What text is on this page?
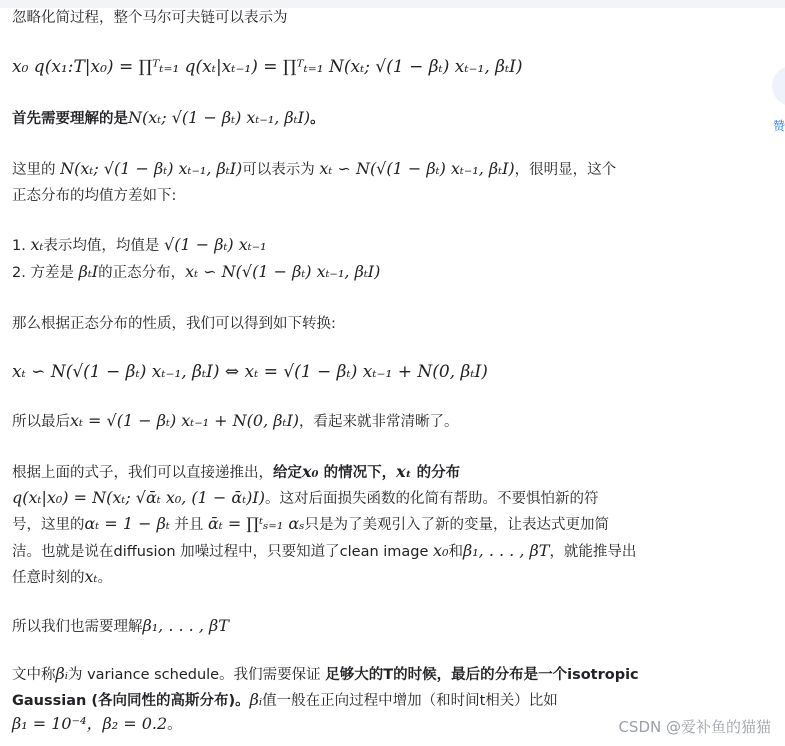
忽略化简过程，整个马尔可夫链可以表示为
x₀ q(x₁:T|x₀) = ∏ᵀₜ₌₁ q(xₜ|xₜ₋₁) = ∏ᵀₜ₌₁ N(xₜ; √(1 − βₜ) xₜ₋₁, βₜI)
首先需要理解的是N(xₜ; √(1 − βₜ) xₜ₋₁, βₜI)。
这里的 N(xₜ; √(1 − βₜ) xₜ₋₁, βₜI)可以表示为 xₜ ∽ N(√(1 − βₜ) xₜ₋₁, βₜI)，很明显，这个
正态分布的均值方差如下:
1. xₜ表示均值，均值是 √(1 − βₜ) xₜ₋₁
2. 方差是 βₜI的正态分布，xₜ ∽ N(√(1 − βₜ) xₜ₋₁, βₜI)
那么根据正态分布的性质，我们可以得到如下转换:
xₜ ∽ N(√(1 − βₜ) xₜ₋₁, βₜI) ⇔ xₜ = √(1 − βₜ) xₜ₋₁ + N(0, βₜI)
所以最后xₜ = √(1 − βₜ) xₜ₋₁ + N(0, βₜI)，看起来就非常清晰了。
根据上面的式子，我们可以直接递推出，给定x₀ 的情况下，xₜ 的分布
q(xₜ|x₀) = N(xₜ; √ᾱₜ x₀, (1 − ᾱₜ)I)。这对后面损失函数的化简有帮助。不要惧怕新的符
号，这里的αₜ = 1 − βₜ 并且 ᾱₜ = ∏ᵗₛ₌₁ αₛ只是为了美观引入了新的变量，让表达式更加简
洁。也就是说在diffusion 加噪过程中，只要知道了clean image x₀和β₁, . . . , βT，就能推导出
任意时刻的xₜ。
所以我们也需要理解β₁, . . . , βT
文中称βᵢ为 variance schedule。我们需要保证 足够大的T的时候，最后的分布是一个isotropic
Gaussian (各向同性的高斯分布)。βᵢ值一般在正向过程中增加（和时间t相关）比如
β₁ = 10⁻⁴，β₂ = 0.2。
赞
CSDN @爱补鱼的猫猫
